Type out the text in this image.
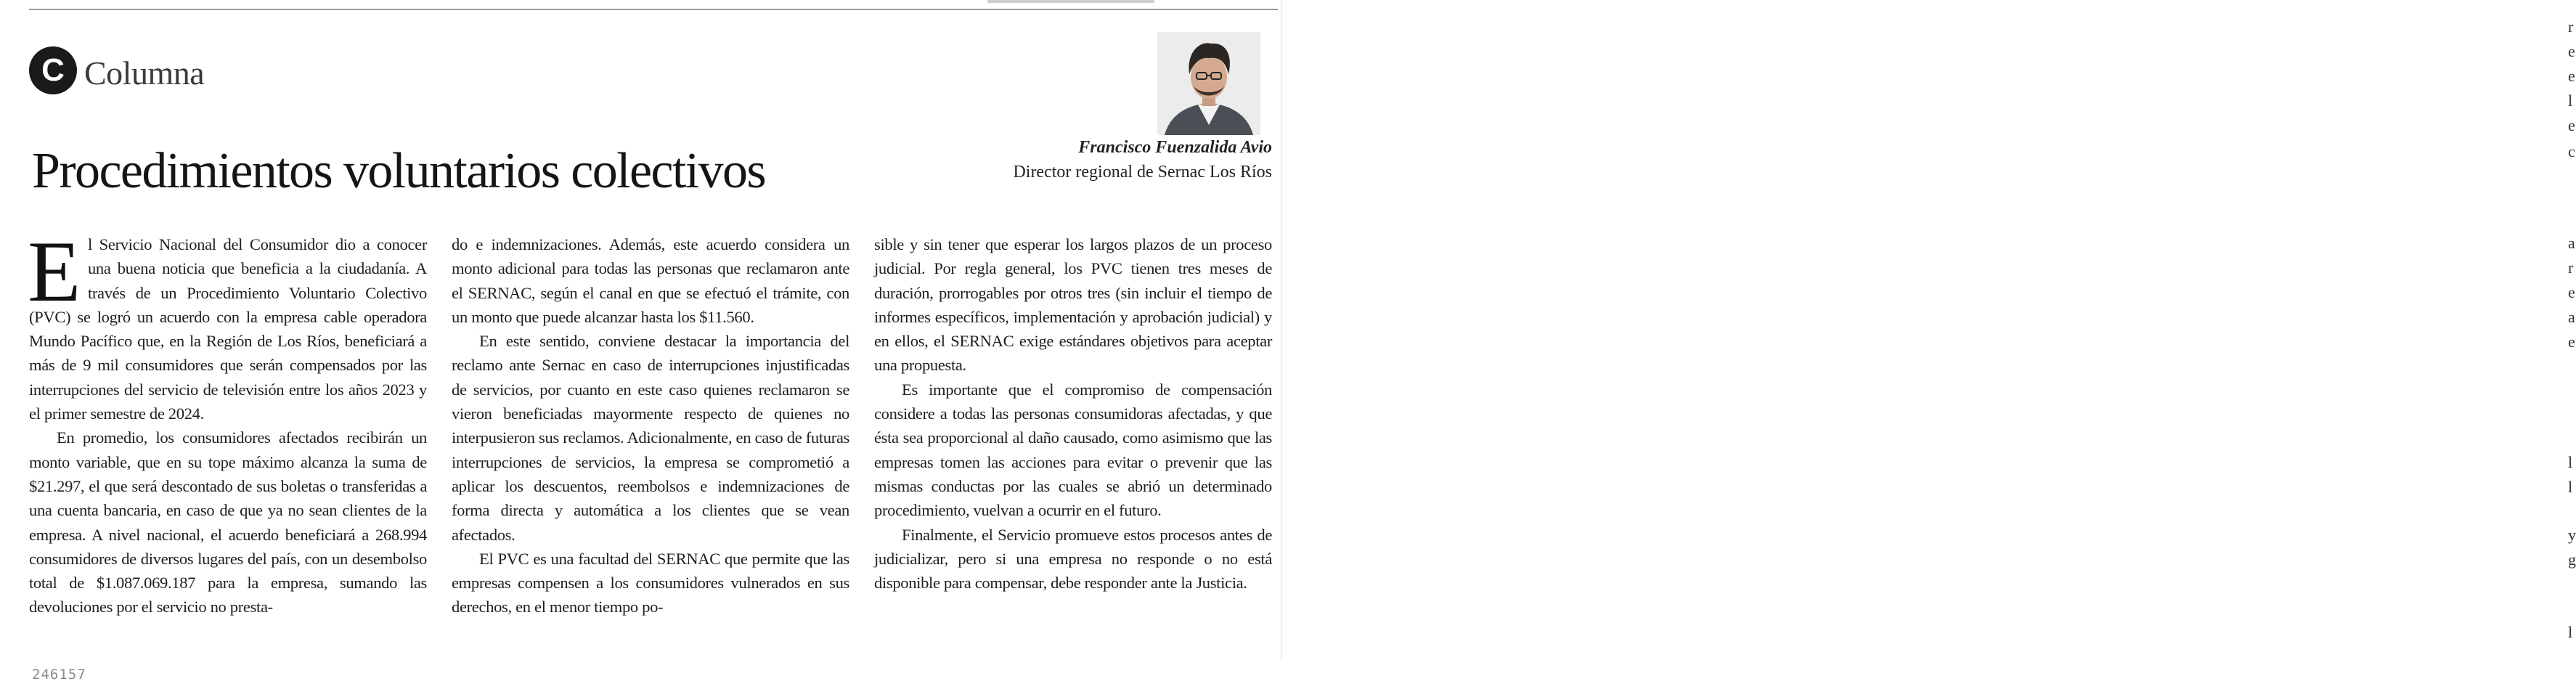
C Columna
Procedimientos voluntarios colectivos	Francisco Fuenzalida Avio
Director regional de Sernac Los Ríos
E l Servicio Nacional del Consumidor dio a conocer una buena noticia que beneficia a la ciudadanía. A través de un Procedimiento Voluntario Colectivo (PVC) se logró un acuerdo con la empresa cable operadora Mundo Pacífico que, en la Región de Los Ríos, beneficiará a más de 9 mil consumidores que serán compensados por las interrupciones del servicio de televisión entre los años 2023 y el primer semestre de 2024.

En promedio, los consumidores afectados recibirán un monto variable, que en su tope máximo alcanza la suma de $21.297, el que será descontado de sus boletas o transferidas a una cuenta bancaria, en caso de que ya no sean clientes de la empresa. A nivel nacional, el acuerdo beneficiará a 268.994 consumidores de diversos lugares del país, con un desembolso total de $1.087.069.187 para la empresa, sumando las devoluciones por el servicio no presta-

do e indemnizaciones. Además, este acuerdo considera un monto adicional para todas las personas que reclamaron ante el SERNAC, según el canal en que se efectuó el trámite, con un monto que puede alcanzar hasta los $11.560.

En este sentido, conviene destacar la importancia del reclamo ante Sernac en caso de interrupciones injustificadas de servicios, por cuanto en este caso quienes reclamaron se vieron beneficiadas mayormente respecto de quienes no interpusieron sus reclamos. Adicionalmente, en caso de futuras interrupciones de servicios, la empresa se comprometió a aplicar los descuentos, reembolsos e indemnizaciones de forma directa y automática a los clientes que se vean afectados.

El PVC es una facultad del SERNAC que permite que las empresas compensen a los consumidores vulnerados en sus derechos, en el menor tiempo po-

sible y sin tener que esperar los largos plazos de un proceso judicial. Por regla general, los PVC tienen tres meses de duración, prorrogables por otros tres (sin incluir el tiempo de informes específicos, implementación y aprobación judicial) y en ellos, el SERNAC exige estándares objetivos para aceptar una propuesta.

Es importante que el compromiso de compensación considere a todas las personas consumidoras afectadas, y que ésta sea proporcional al daño causado, como asimismo que las empresas tomen las acciones para evitar o prevenir que las mismas conductas por las cuales se abrió un determinado procedimiento, vuelvan a ocurrir en el futuro.

Finalmente, el Servicio promueve estos procesos antes de judicializar, pero si una empresa no responde o no está disponible para compensar, debe responder ante la Justicia.

246157
r
e
e
l
e
c
a
r
e
a
e
l
l
y
g
l
